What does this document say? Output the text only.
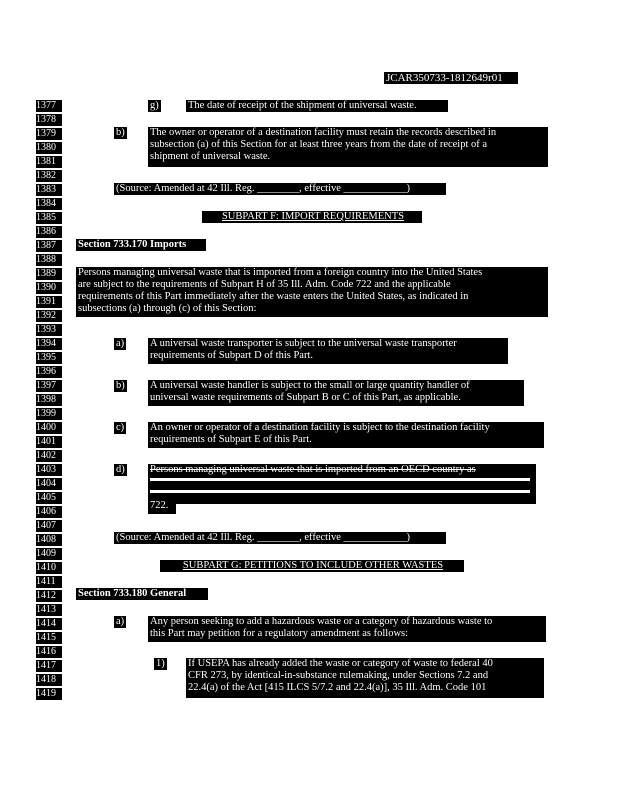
JCAR350733-1812649r01
1377
1378
1379
1380
1381
1382
1383
1384
1385
1386
1387
1388
1389
1390
1391
1392
1393
1394
1395
1396
1397
1398
1399
1400
1401
1402
1403
1404
1405
1406
1407
1408
1409
1410
1411
1412
1413
1414
1415
1416
1417
1418
1419
g)	The date of receipt of the shipment of universal waste.
b) The owner or operator of a destination facility must retain the records described in
subsection (a) of this Section for at least three years from the date of receipt of a
shipment of universal waste.
(Source: Amended at 42 Ill. Reg. ________, effective ____________)
SUBPART F: IMPORT REQUIREMENTS
Section 733.170 Imports
Persons managing universal waste that is imported from a foreign country into the United States
are subject to the requirements of Subpart H of 35 Ill. Adm. Code 722 and the applicable
requirements of this Part immediately after the waste enters the United States, as indicated in
subsections (a) through (c) of this Section:
a) A universal waste transporter is subject to the universal waste transporter
requirements of Subpart D of this Part.
b) A universal waste handler is subject to the small or large quantity handler of
universal waste requirements of Subpart B or C of this Part, as applicable.
c) An owner or operator of a destination facility is subject to the destination facility
requirements of Subpart E of this Part.
d) Persons managing universal waste that is imported from an OECD country as
722.
(Source: Amended at 42 Ill. Reg. ________, effective ____________)
SUBPART G: PETITIONS TO INCLUDE OTHER WASTES
Section 733.180 General
a) Any person seeking to add a hazardous waste or a category of hazardous waste to
this Part may petition for a regulatory amendment as follows:
1) If USEPA has already added the waste or category of waste to federal 40
CFR 273, by identical-in-substance rulemaking, under Sections 7.2 and
22.4(a) of the Act [415 ILCS 5/7.2 and 22.4(a)], 35 Ill. Adm. Code 101
